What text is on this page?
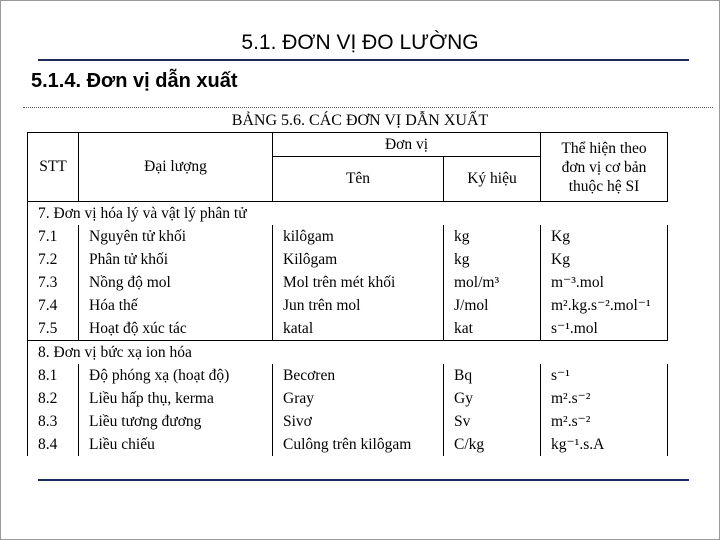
5.1. ĐƠN VỊ ĐO LƯỜNG
5.1.4. Đơn vị dẫn xuất
BẢNG 5.6. CÁC ĐƠN VỊ DẪN XUẤT
STT	Đại lượng	Đơn vị		Thể hiện theo
đơn vị cơ bản
thuộc hệ SI

		Tên	Ký hiệu	
7. Đơn vị hóa lý và vật lý phân tử				
7.1	Nguyên tử khối	kilôgam	kg	Kg
7.2	Phân tử khối	Kilôgam	kg	Kg
7.3	Nồng độ mol	Mol trên mét khối	mol/m³	m⁻³.mol
7.4	Hóa thế	Jun trên mol	J/mol	m².kg.s⁻².mol⁻¹
7.5	Hoạt độ xúc tác	katal	kat	s⁻¹.mol
8. Đơn vị bức xạ ion hóa				
8.1	Độ phóng xạ (hoạt độ)	Becơren	Bq	s⁻¹
8.2	Liều hấp thụ, kerma	Gray	Gy	m².s⁻²
8.3	Liều tương đương	Sivơ	Sv	m².s⁻²
8.4	Liều chiếu	Culông trên kilôgam	C/kg	kg⁻¹.s.A
